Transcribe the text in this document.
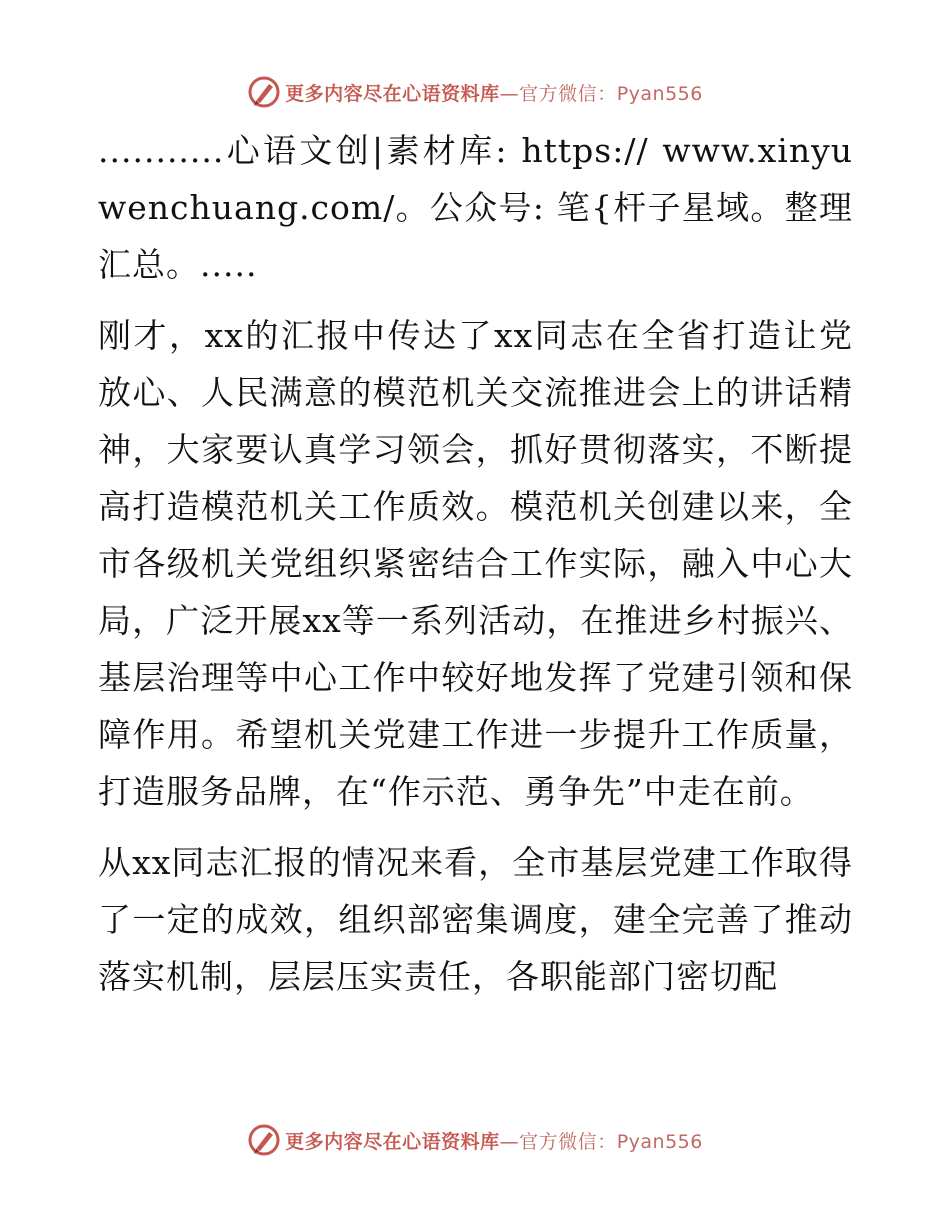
更多内容尽在心语资料库—官方微信：Pyan556

...........心语文创|素材库: https:// www.xinyuwenchuang.com/。公众号: 笔{杆子星域。整理汇总。.....

刚才，xx的汇报中传达了xx同志在全省打造让党放心、人民满意的模范机关交流推进会上的讲话精神，大家要认真学习领会，抓好贯彻落实，不断提高打造模范机关工作质效。模范机关创建以来，全市各级机关党组织紧密结合工作实际，融入中心大局，广泛开展xx等一系列活动，在推进乡村振兴、基层治理等中心工作中较好地发挥了党建引领和保障作用。希望机关党建工作进一步提升工作质量，打造服务品牌，在“作示范、勇争先”中走在前。

从xx同志汇报的情况来看，全市基层党建工作取得了一定的成效，组织部密集调度，建全完善了推动落实机制，层层压实责任，各职能部门密切配

更多内容尽在心语资料库—官方微信：Pyan556
